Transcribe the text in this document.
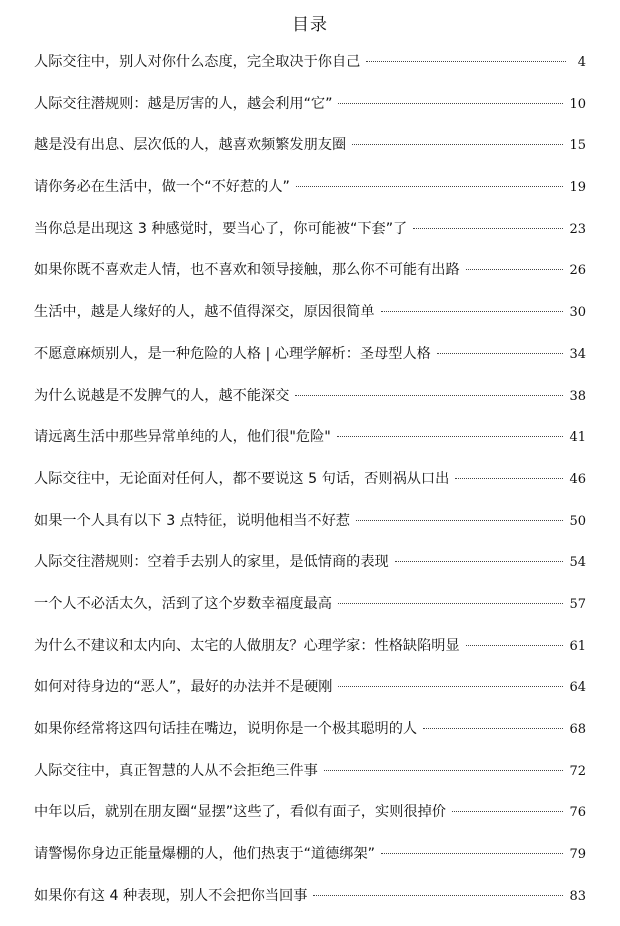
目录
人际交往中，别人对你什么态度，完全取决于你自己	4
人际交往潜规则：越是厉害的人，越会利用“它”	10
越是没有出息、层次低的人，越喜欢频繁发朋友圈	15
请你务必在生活中，做一个“不好惹的人”	19
当你总是出现这 3 种感觉时，要当心了，你可能被“下套”了	23
如果你既不喜欢走人情，也不喜欢和领导接触，那么你不可能有出路	26
生活中，越是人缘好的人，越不值得深交，原因很简单	30
不愿意麻烦别人，是一种危险的人格 | 心理学解析：圣母型人格	34
为什么说越是不发脾气的人，越不能深交	38
请远离生活中那些异常单纯的人，他们很"危险"	41
人际交往中，无论面对任何人，都不要说这 5 句话，否则祸从口出	46
如果一个人具有以下 3 点特征，说明他相当不好惹	50
人际交往潜规则：空着手去别人的家里，是低情商的表现	54
一个人不必活太久，活到了这个岁数幸福度最高	57
为什么不建议和太内向、太宅的人做朋友？心理学家：性格缺陷明显	61
如何对待身边的“恶人”，最好的办法并不是硬刚	64
如果你经常将这四句话挂在嘴边，说明你是一个极其聪明的人	68
人际交往中，真正智慧的人从不会拒绝三件事	72
中年以后，就别在朋友圈“显摆”这些了，看似有面子，实则很掉价	76
请警惕你身边正能量爆棚的人，他们热衷于“道德绑架”	79
如果你有这 4 种表现，别人不会把你当回事	83
